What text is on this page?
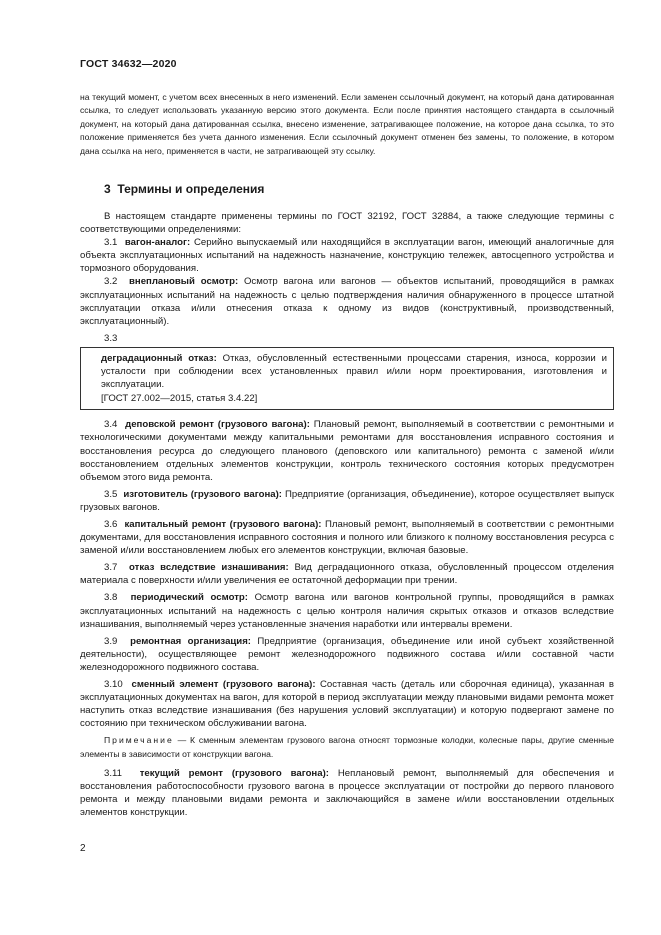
ГОСТ 34632—2020
на текущий момент, с учетом всех внесенных в него изменений. Если заменен ссылочный документ, на который дана датированная ссылка, то следует использовать указанную версию этого документа. Если после принятия настоящего стандарта в ссылочный документ, на который дана датированная ссылка, внесено изменение, затрагивающее положение, на которое дана ссылка, то это положение применяется без учета данного изменения. Если ссылочный документ отменен без замены, то положение, в котором дана ссылка на него, применяется в части, не затрагивающей эту ссылку.
3 Термины и определения

В настоящем стандарте применены термины по ГОСТ 32192, ГОСТ 32884, а также следующие термины с соответствующими определениями:

3.1 вагон-аналог: Серийно выпускаемый или находящийся в эксплуатации вагон, имеющий аналогичные для объекта эксплуатационных испытаний на надежность назначение, конструкцию тележек, автосцепного устройства и тормозного оборудования.

3.2 внеплановый осмотр: Осмотр вагона или вагонов — объектов испытаний, проводящийся в рамках эксплуатационных испытаний на надежность с целью подтверждения наличия обнаруженного в процессе штатной эксплуатации отказа и/или отнесения отказа к одному из видов (конструктивный, производственный, эксплуатационный).

3.3

деградационный отказ: Отказ, обусловленный естественными процессами старения, износа, коррозии и усталости при соблюдении всех установленных правил и/или норм проектирования, изготовления и эксплуатации.

[ГОСТ 27.002—2015, статья 3.4.22]

3.4 деповской ремонт (грузового вагона): Плановый ремонт, выполняемый в соответствии с ремонтными и технологическими документами между капитальными ремонтами для восстановления исправного состояния и восстановления ресурса до следующего планового (деповского или капитального) ремонта с заменой и/или восстановлением отдельных элементов конструкции, контроль технического состояния которых предусмотрен объемом этого вида ремонта.

3.5 изготовитель (грузового вагона): Предприятие (организация, объединение), которое осуществляет выпуск грузовых вагонов.

3.6 капитальный ремонт (грузового вагона): Плановый ремонт, выполняемый в соответствии с ремонтными документами, для восстановления исправного состояния и полного или близкого к полному восстановления ресурса с заменой и/или восстановлением любых его элементов конструкции, включая базовые.

3.7 отказ вследствие изнашивания: Вид деградационного отказа, обусловленный процессом отделения материала с поверхности и/или увеличения ее остаточной деформации при трении.

3.8 периодический осмотр: Осмотр вагона или вагонов контрольной группы, проводящийся в рамках эксплуатационных испытаний на надежность с целью контроля наличия скрытых отказов и отказов вследствие изнашивания, выполняемый через установленные значения наработки или интервалы времени.

3.9 ремонтная организация: Предприятие (организация, объединение или иной субъект хозяйственной деятельности), осуществляющее ремонт железнодорожного подвижного состава и/или составной части железнодорожного подвижного состава.

3.10 сменный элемент (грузового вагона): Составная часть (деталь или сборочная единица), указанная в эксплуатационных документах на вагон, для которой в период эксплуатации между плановыми видами ремонта может наступить отказ вследствие изнашивания (без нарушения условий эксплуатации) и которую подвергают замене по состоянию при техническом обслуживании вагона.

Примечание — К сменным элементам грузового вагона относят тормозные колодки, колесные пары, другие сменные элементы в зависимости от конструкции вагона.

3.11 текущий ремонт (грузового вагона): Неплановый ремонт, выполняемый для обеспечения и восстановления работоспособности грузового вагона в процессе эксплуатации от постройки до первого планового ремонта и между плановыми видами ремонта и заключающийся в замене и/или восстановлении отдельных элементов конструкции.

2
